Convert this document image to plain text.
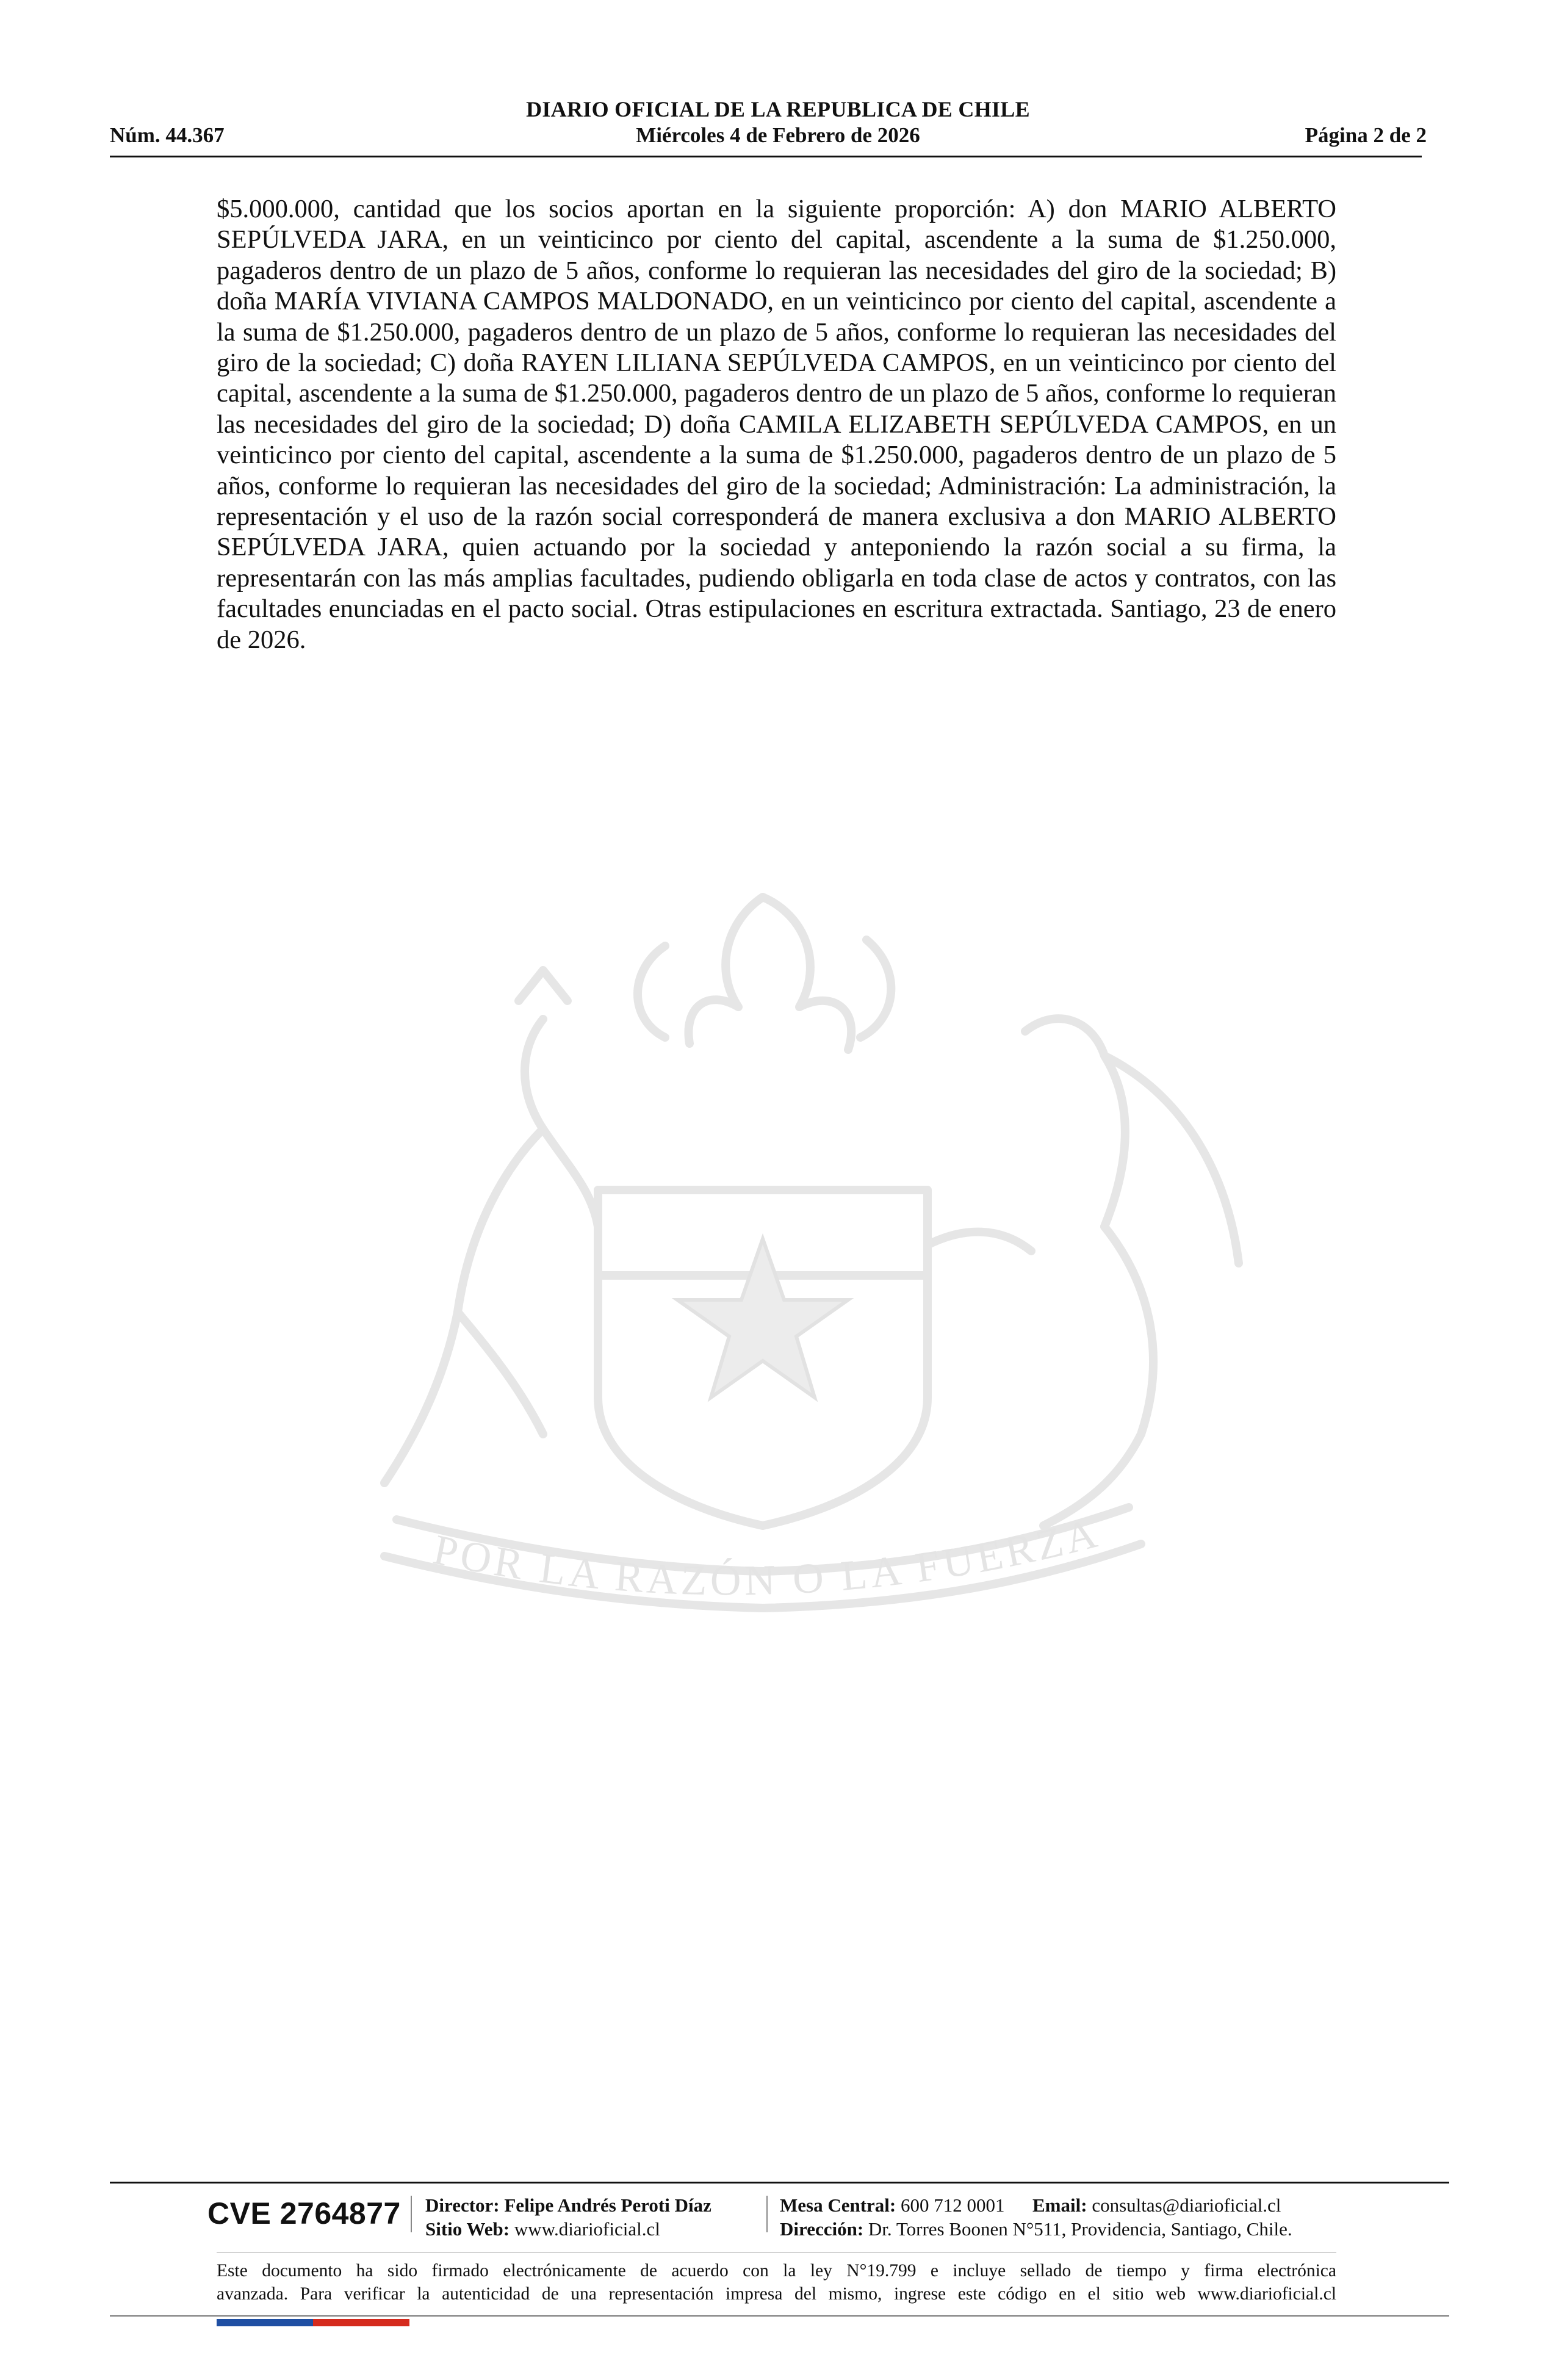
DIARIO OFICIAL DE LA REPUBLICA DE CHILE
Núm. 44.367	Miércoles 4 de Febrero de 2026	Página 2 de 2
POR LA RAZÓN O LA FUERZA

$5.000.000, cantidad que los socios aportan en la siguiente proporción: A) don MARIO ALBERTO SEPÚLVEDA JARA, en un veinticinco por ciento del capital, ascendente a la suma de $1.250.000, pagaderos dentro de un plazo de 5 años, conforme lo requieran las necesidades del giro de la sociedad; B) doña MARÍA VIVIANA CAMPOS MALDONADO, en un veinticinco por ciento del capital, ascendente a la suma de $1.250.000, pagaderos dentro de un plazo de 5 años, conforme lo requieran las necesidades del giro de la sociedad; C) doña RAYEN LILIANA SEPÚLVEDA CAMPOS, en un veinticinco por ciento del capital, ascendente a la suma de $1.250.000, pagaderos dentro de un plazo de 5 años, conforme lo requieran las necesidades del giro de la sociedad; D) doña CAMILA ELIZABETH SEPÚLVEDA CAMPOS, en un veinticinco por ciento del capital, ascendente a la suma de $1.250.000, pagaderos dentro de un plazo de 5 años, conforme lo requieran las necesidades del giro de la sociedad; Administración: La administración, la representación y el uso de la razón social corresponderá de manera exclusiva a don MARIO ALBERTO SEPÚLVEDA JARA, quien actuando por la sociedad y anteponiendo la razón social a su firma, la representarán con las más amplias facultades, pudiendo obligarla en toda clase de actos y contratos, con las facultades enunciadas en el pacto social. Otras estipulaciones en escritura extractada. Santiago, 23 de enero de 2026.

CVE 2764877 Director: Felipe Andrés Peroti Díaz
Sitio Web: www.diarioficial.cl
Mesa Central: 600 712 0001 Email: consultas@diarioficial.cl
Dirección: Dr. Torres Boonen N°511, Providencia, Santiago, Chile.

Este documento ha sido firmado electrónicamente de acuerdo con la ley N°19.799 e incluye sellado de tiempo y firma electrónica
avanzada. Para verificar la autenticidad de una representación impresa del mismo, ingrese este código en el sitio web www.diarioficial.cl
